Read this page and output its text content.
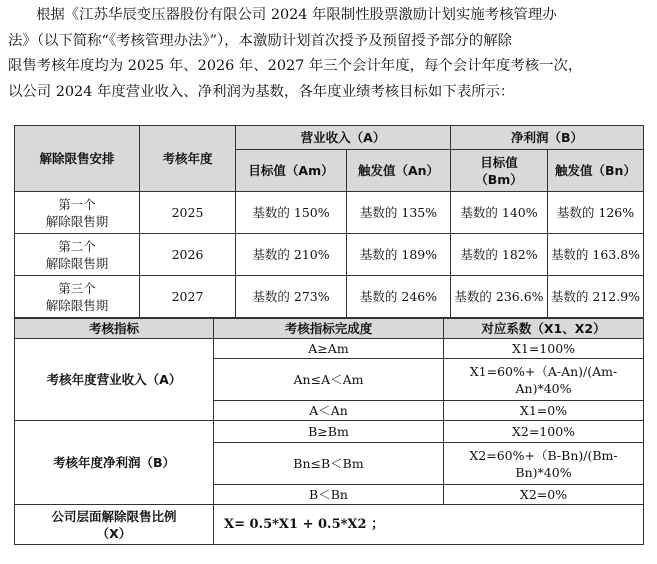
根据《江苏华辰变压器股份有限公司 2024 年限制性股票激励计划实施考核管理办
法》（以下简称“《考核管理办法》”），本激励计划首次授予及预留授予部分的解除
限售考核年度均为 2025 年、2026 年、2027 年三个会计年度，每个会计年度考核一次，
以公司 2024 年度营业收入、净利润为基数，各年度业绩考核目标如下表所示：

解除限售安排	考核年度	营业收入（A）		净利润（B）	
		目标值（Am）	触发值（An）	目标值
（Bm）	触发值（Bn）
第一个
解除限售期	2025	基数的 150%	基数的 135%	基数的 140%	基数的 126%
第二个
解除限售期	2026	基数的 210%	基数的 189%	基数的 182%	基数的 163.8%
第三个
解除限售期	2027	基数的 273%	基数的 246%	基数的 236.6%	基数的 212.9%
考核指标	考核指标完成度	对应系数（X1、X2）
考核年度营业收入（A）	A≥Am	X1=100%
	An≤A＜Am	X1=60%+（A-An)/(Am-
An)*40%
	A＜An	X1=0%
考核年度净利润（B）	B≥Bm	X2=100%
	Bn≤B＜Bm	X2=60%+（B-Bn)/(Bm-
Bn)*40%
	B＜Bn	X2=0%
公司层面解除限售比例
（X）	X= 0.5*X1 + 0.5*X2 ；	
